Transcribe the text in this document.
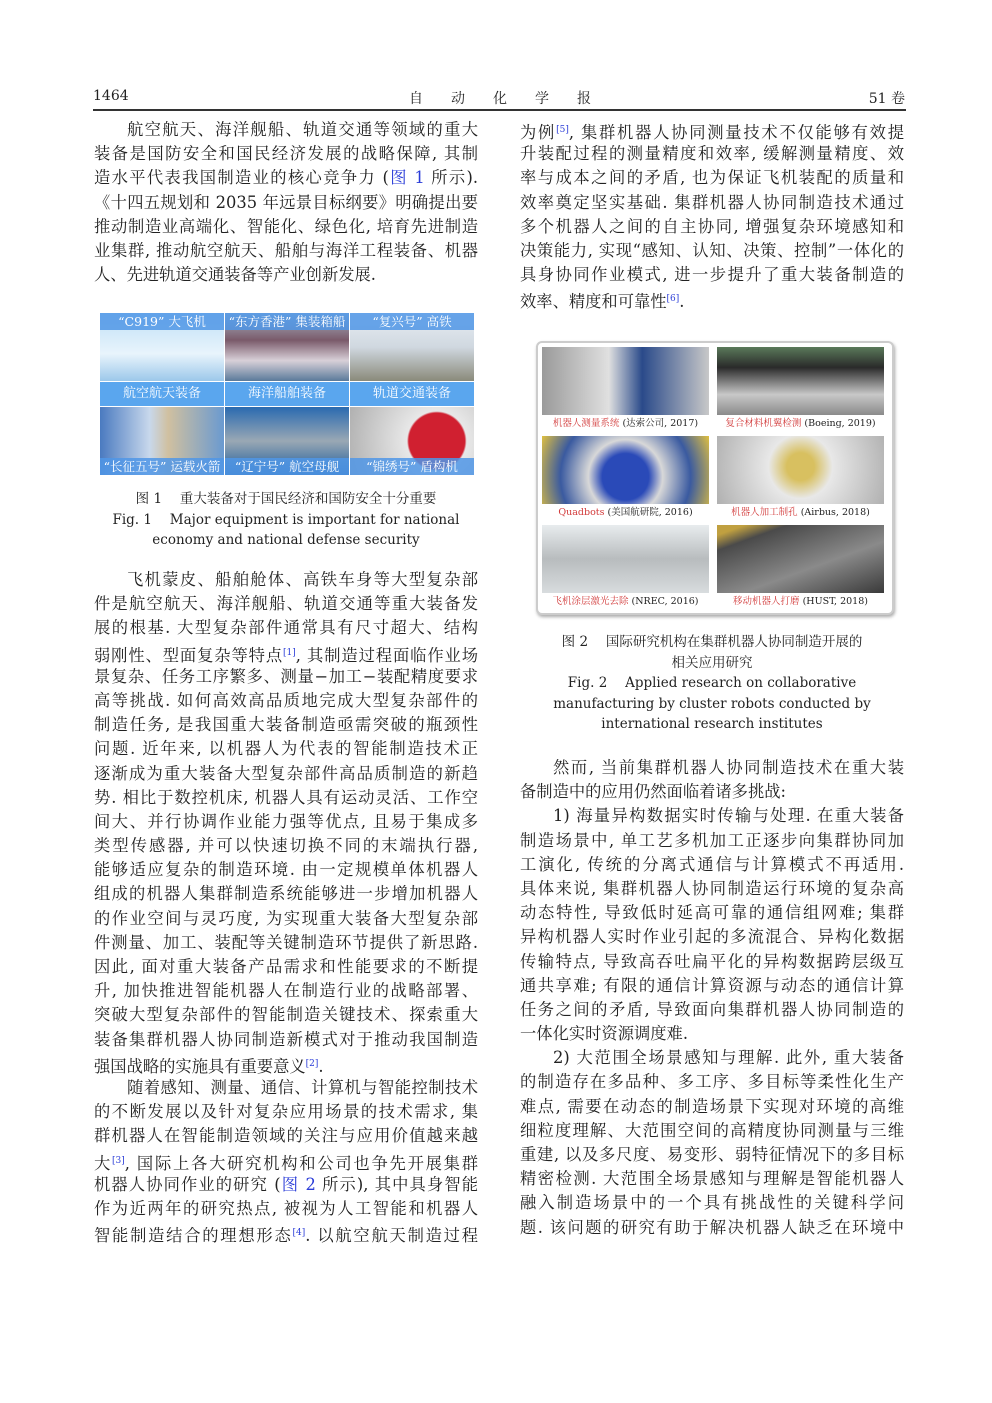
1464	自　　动　　化　　学　　报	51 卷
航空航天、海洋舰船、轨道交通等领域的重大
装备是国防安全和国民经济发展的战略保障, 其制
造水平代表我国制造业的核心竞争力 (图 1 所示).
《十四五规划和 2035 年远景目标纲要》明确提出要
推动制造业高端化、智能化、绿色化, 培育先进制造
业集群, 推动航空航天、船舶与海洋工程装备、机器
人、先进轨道交通装备等产业创新发展.
“C919” 大飞机	“东方香港” 集装箱船	“复兴号” 高铁
航空航天装备	海洋船舶装备	轨道交通装备
“长征五号” 运载火箭	“辽宁号” 航空母舰	“锦绣号” 盾构机
图 1　 重大装备对于国民经济和国防安全十分重要
Fig. 1　 Major equipment is important for national
economy and national defense security
飞机蒙皮、船舶舱体、高铁车身等大型复杂部
件是航空航天、海洋舰船、轨道交通等重大装备发
展的根基. 大型复杂部件通常具有尺寸超大、结构
弱刚性、型面复杂等特点[1], 其制造过程面临作业场
景复杂、任务工序繁多、测量−加工−装配精度要求
高等挑战. 如何高效高品质地完成大型复杂部件的
制造任务, 是我国重大装备制造亟需突破的瓶颈性
问题. 近年来, 以机器人为代表的智能制造技术正
逐渐成为重大装备大型复杂部件高品质制造的新趋
势. 相比于数控机床, 机器人具有运动灵活、工作空
间大、并行协调作业能力强等优点, 且易于集成多
类型传感器, 并可以快速切换不同的末端执行器,
能够适应复杂的制造环境. 由一定规模单体机器人
组成的机器人集群制造系统能够进一步增加机器人
的作业空间与灵巧度, 为实现重大装备大型复杂部
件测量、加工、装配等关键制造环节提供了新思路.
因此, 面对重大装备产品需求和性能要求的不断提
升, 加快推进智能机器人在制造行业的战略部署、
突破大型复杂部件的智能制造关键技术、探索重大
装备集群机器人协同制造新模式对于推动我国制造
强国战略的实施具有重要意义[2].
随着感知、测量、通信、计算机与智能控制技术
的不断发展以及针对复杂应用场景的技术需求, 集
群机器人在智能制造领域的关注与应用价值越来越
大[3], 国际上各大研究机构和公司也争先开展集群
机器人协同作业的研究 (图 2 所示), 其中具身智能
作为近两年的研究热点, 被视为人工智能和机器人
智能制造结合的理想形态[4]. 以航空航天制造过程
为例[5], 集群机器人协同测量技术不仅能够有效提
升装配过程的测量精度和效率, 缓解测量精度、效
率与成本之间的矛盾, 也为保证飞机装配的质量和
效率奠定坚实基础. 集群机器人协同制造技术通过
多个机器人之间的自主协同, 增强复杂环境感知和
决策能力, 实现“感知、认知、决策、控制”一体化的
具身协同作业模式, 进一步提升了重大装备制造的
效率、精度和可靠性[6].
机器人测量系统 (达索公司, 2017)	复合材料机翼检测 (Boeing, 2019)
Quadbots (美国航研院, 2016)	机器人加工制孔 (Airbus, 2018)
飞机涂层激光去除 (NREC, 2016)	移动机器人打磨 (HUST, 2018)
图 2　 国际研究机构在集群机器人协同制造开展的
相关应用研究
Fig. 2　 Applied research on collaborative
manufacturing by cluster robots conducted by
international research institutes
然而, 当前集群机器人协同制造技术在重大装
备制造中的应用仍然面临着诸多挑战:
1) 海量异构数据实时传输与处理. 在重大装备
制造场景中, 单工艺多机加工正逐步向集群协同加
工演化, 传统的分离式通信与计算模式不再适用.
具体来说, 集群机器人协同制造运行环境的复杂高
动态特性, 导致低时延高可靠的通信组网难; 集群
异构机器人实时作业引起的多流混合、异构化数据
传输特点, 导致高吞吐扁平化的异构数据跨层级互
通共享难; 有限的通信计算资源与动态的通信计算
任务之间的矛盾, 导致面向集群机器人协同制造的
一体化实时资源调度难.
2) 大范围全场景感知与理解. 此外, 重大装备
的制造存在多品种、多工序、多目标等柔性化生产
难点, 需要在动态的制造场景下实现对环境的高维
细粒度理解、大范围空间的高精度协同测量与三维
重建, 以及多尺度、易变形、弱特征情况下的多目标
精密检测. 大范围全场景感知与理解是智能机器人
融入制造场景中的一个具有挑战性的关键科学问
题. 该问题的研究有助于解决机器人缺乏在环境中
